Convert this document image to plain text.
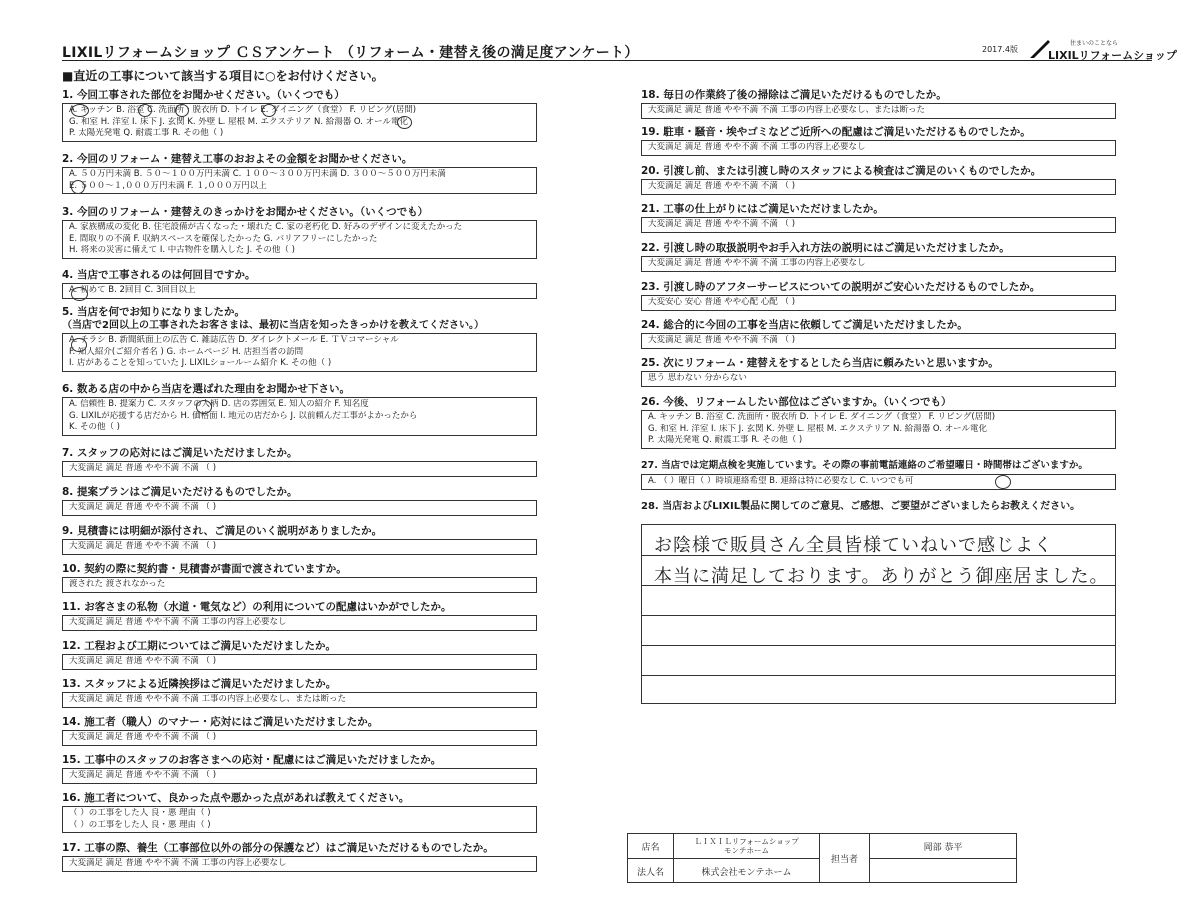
LIXILリフォームショップ ＣＳアンケート （リフォーム・建替え後の満足度アンケート）	2017.4版
住まいのことなら
LIXILリフォームショップ
■直近の工事について該当する項目に○をお付けください。
1. 今回工事された部位をお聞かせください。（いくつでも）
A. キッチン B. 浴室 C. 洗面所・脱衣所 D. トイレ E. ダイニング（食堂） F. リビング(居間)
G. 和室 H. 洋室 I. 床下 J. 玄関 K. 外壁 L. 屋根 M. エクステリア N. 給湯器 O. オール電化
P. 太陽光発電 Q. 耐震工事 R. その他（ )
2. 今回のリフォーム・建替え工事のおおよその金額をお聞かせください。
A. ５０万円未満 B. ５０～１００万円未満 C. １００～３００万円未満 D. ３００～５００万円未満
E. ５００～１,０００万円未満 F. １,０００万円以上
3. 今回のリフォーム・建替えのきっかけをお聞かせください。（いくつでも）
A. 家族構成の変化 B. 住宅設備が古くなった・壊れた C. 家の老朽化 D. 好みのデザインに変えたかった
E. 間取りの不満 F. 収納スペースを確保したかった G. バリアフリーにしたかった
H. 将来の災害に備えて I. 中古物件を購入した J. その他（ )
4. 当店で工事されるのは何回目ですか。
A. 初めて B. 2回目 C. 3回目以上
5. 当店を何でお知りになりましたか。
（当店で2回以上の工事されたお客さまは、最初に当店を知ったきっかけを教えてください。）
A. チラシ B. 新聞紙面上の広告 C. 雑誌広告 D. ダイレクトメール E. ＴＶコマーシャル
F. 知人紹介(ご紹介者名 ) G. ホームページ H. 店担当者の訪問
I. 店があることを知っていた J. LIXILショールーム紹介 K. その他（ )
6. 数ある店の中から当店を選ばれた理由をお聞かせ下さい。
A. 信頼性 B. 提案力 C. スタッフの人柄 D. 店の雰囲気 E. 知人の紹介 F. 知名度
G. LIXILが応援する店だから H. 価格面 I. 地元の店だから J. 以前頼んだ工事がよかったから
K. その他（ )
7. スタッフの応対にはご満足いただけましたか。
大変満足 満足 普通 やや不満 不満 （ )
8. 提案プランはご満足いただけるものでしたか。
大変満足 満足 普通 やや不満 不満 （ )
9. 見積書には明細が添付され、ご満足のいく説明がありましたか。
大変満足 満足 普通 やや不満 不満 （ )
10. 契約の際に契約書・見積書が書面で渡されていますか。
渡された 渡されなかった
11. お客さまの私物（水道・電気など）の利用についての配慮はいかがでしたか。
大変満足 満足 普通 やや不満 不満 工事の内容上必要なし
12. 工程および工期についてはご満足いただけましたか。
大変満足 満足 普通 やや不満 不満 （ )
13. スタッフによる近隣挨拶はご満足いただけましたか。
大変満足 満足 普通 やや不満 不満 工事の内容上必要なし、または断った
14. 施工者（職人）のマナー・応対にはご満足いただけましたか。
大変満足 満足 普通 やや不満 不満 （ )
15. 工事中のスタッフのお客さまへの応対・配慮にはご満足いただけましたか。
大変満足 満足 普通 やや不満 不満 （ )
16. 施工者について、良かった点や悪かった点があれば教えてください。
（ ）の工事をした人 良・悪 理由（ )
（ ）の工事をした人 良・悪 理由（ )
17. 工事の際、養生（工事部位以外の部分の保護など）はご満足いただけるものでしたか。
大変満足 満足 普通 やや不満 不満 工事の内容上必要なし
18. 毎日の作業終了後の掃除はご満足いただけるものでしたか。
大変満足 満足 普通 やや不満 不満 工事の内容上必要なし、または断った
19. 駐車・騒音・埃やゴミなどご近所への配慮はご満足いただけるものでしたか。
大変満足 満足 普通 やや不満 不満 工事の内容上必要なし
20. 引渡し前、または引渡し時のスタッフによる検査はご満足のいくものでしたか。
大変満足 満足 普通 やや不満 不満 （ )
21. 工事の仕上がりにはご満足いただけましたか。
大変満足 満足 普通 やや不満 不満 （ )
22. 引渡し時の取扱説明やお手入れ方法の説明にはご満足いただけましたか。
大変満足 満足 普通 やや不満 不満 工事の内容上必要なし
23. 引渡し時のアフターサービスについての説明がご安心いただけるものでしたか。
大変安心 安心 普通 やや心配 心配 （ )
24. 総合的に今回の工事を当店に依頼してご満足いただけましたか。
大変満足 満足 普通 やや不満 不満 （ )
25. 次にリフォーム・建替えをするとしたら当店に頼みたいと思いますか。
思う 思わない 分からない
26. 今後、リフォームしたい部位はございますか。（いくつでも）
A. キッチン B. 浴室 C. 洗面所・脱衣所 D. トイレ E. ダイニング（食堂） F. リビング(居間)
G. 和室 H. 洋室 I. 床下 J. 玄関 K. 外壁 L. 屋根 M. エクステリア N. 給湯器 O. オール電化
P. 太陽光発電 Q. 耐震工事 R. その他（ )
27. 当店では定期点検を実施しています。その際の事前電話連絡のご希望曜日・時間帯はございますか。
A. （ ）曜日（ ）時頃連絡希望 B. 連絡は特に必要なし C. いつでも可
28. 当店およびLIXIL製品に関してのご意見、ご感想、ご要望がございましたらお教えください。
お陰様で販員さん全員皆様ていねいで感じよく
本当に満足しております。ありがとう御座居ました。
店名
ＬＩＸＩＬリフォームショップ
モンテホーム
法人名	株式会社モンテホーム
担当者
岡部 恭平
